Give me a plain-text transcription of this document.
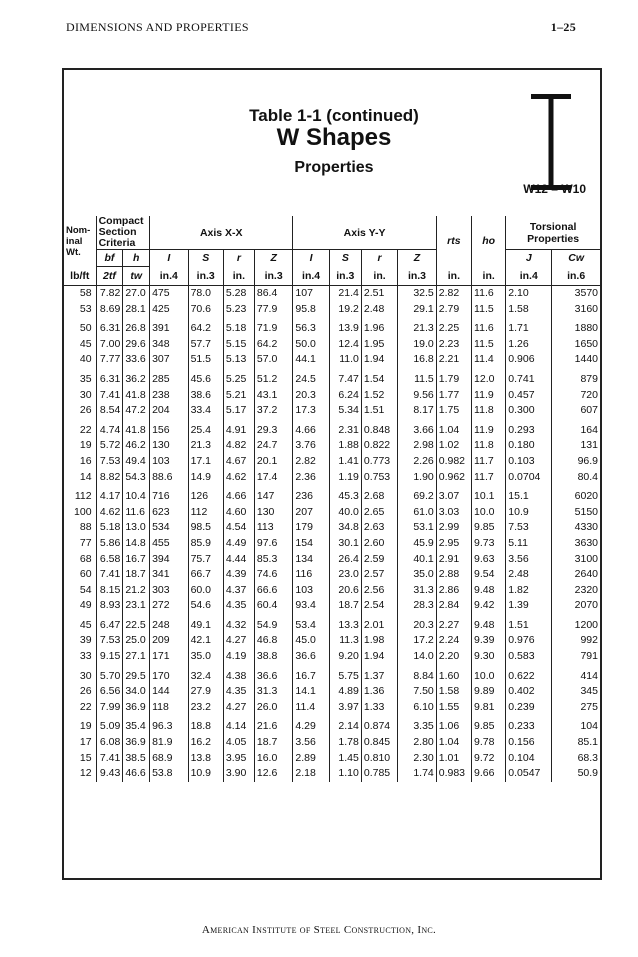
DIMENSIONS AND PROPERTIES	1–25
Table 1-1 (continued)
W Shapes
Properties
W12 – W10
Nom- inal Wt.	Compact Section Criteria		Axis X-X				Axis Y-Y				rts	ho	Torsional Properties	
	bf	h	I	S	r	Z	I	S	r	Z			J	Cw
lb/ft	2tf	tw	in.4	in.3	in.	in.3	in.4	in.3	in.	in.3	in.	in.	in.4	in.6
58	7.82	27.0	475	78.0	5.28	86.4	107	21.4	2.51	32.5	2.82	11.6	2.10	3570
53	8.69	28.1	425	70.6	5.23	77.9	95.8	19.2	2.48	29.1	2.79	11.5	1.58	3160

50	6.31	26.8	391	64.2	5.18	71.9	56.3	13.9	1.96	21.3	2.25	11.6	1.71	1880
45	7.00	29.6	348	57.7	5.15	64.2	50.0	12.4	1.95	19.0	2.23	11.5	1.26	1650
40	7.77	33.6	307	51.5	5.13	57.0	44.1	11.0	1.94	16.8	2.21	11.4	0.906	1440

35	6.31	36.2	285	45.6	5.25	51.2	24.5	7.47	1.54	11.5	1.79	12.0	0.741	879
30	7.41	41.8	238	38.6	5.21	43.1	20.3	6.24	1.52	9.56	1.77	11.9	0.457	720
26	8.54	47.2	204	33.4	5.17	37.2	17.3	5.34	1.51	8.17	1.75	11.8	0.300	607

22	4.74	41.8	156	25.4	4.91	29.3	4.66	2.31	0.848	3.66	1.04	11.9	0.293	164
19	5.72	46.2	130	21.3	4.82	24.7	3.76	1.88	0.822	2.98	1.02	11.8	0.180	131
16	7.53	49.4	103	17.1	4.67	20.1	2.82	1.41	0.773	2.26	0.982	11.7	0.103	96.9
14	8.82	54.3	88.6	14.9	4.62	17.4	2.36	1.19	0.753	1.90	0.962	11.7	0.0704	80.4

112	4.17	10.4	716	126	4.66	147	236	45.3	2.68	69.2	3.07	10.1	15.1	6020
100	4.62	11.6	623	112	4.60	130	207	40.0	2.65	61.0	3.03	10.0	10.9	5150
88	5.18	13.0	534	98.5	4.54	113	179	34.8	2.63	53.1	2.99	9.85	7.53	4330
77	5.86	14.8	455	85.9	4.49	97.6	154	30.1	2.60	45.9	2.95	9.73	5.11	3630
68	6.58	16.7	394	75.7	4.44	85.3	134	26.4	2.59	40.1	2.91	9.63	3.56	3100
60	7.41	18.7	341	66.7	4.39	74.6	116	23.0	2.57	35.0	2.88	9.54	2.48	2640
54	8.15	21.2	303	60.0	4.37	66.6	103	20.6	2.56	31.3	2.86	9.48	1.82	2320
49	8.93	23.1	272	54.6	4.35	60.4	93.4	18.7	2.54	28.3	2.84	9.42	1.39	2070

45	6.47	22.5	248	49.1	4.32	54.9	53.4	13.3	2.01	20.3	2.27	9.48	1.51	1200
39	7.53	25.0	209	42.1	4.27	46.8	45.0	11.3	1.98	17.2	2.24	9.39	0.976	992
33	9.15	27.1	171	35.0	4.19	38.8	36.6	9.20	1.94	14.0	2.20	9.30	0.583	791

30	5.70	29.5	170	32.4	4.38	36.6	16.7	5.75	1.37	8.84	1.60	10.0	0.622	414
26	6.56	34.0	144	27.9	4.35	31.3	14.1	4.89	1.36	7.50	1.58	9.89	0.402	345
22	7.99	36.9	118	23.2	4.27	26.0	11.4	3.97	1.33	6.10	1.55	9.81	0.239	275

19	5.09	35.4	96.3	18.8	4.14	21.6	4.29	2.14	0.874	3.35	1.06	9.85	0.233	104
17	6.08	36.9	81.9	16.2	4.05	18.7	3.56	1.78	0.845	2.80	1.04	9.78	0.156	85.1
15	7.41	38.5	68.9	13.8	3.95	16.0	2.89	1.45	0.810	2.30	1.01	9.72	0.104	68.3
12	9.43	46.6	53.8	10.9	3.90	12.6	2.18	1.10	0.785	1.74	0.983	9.66	0.0547	50.9
American Institute of Steel Construction, Inc.
